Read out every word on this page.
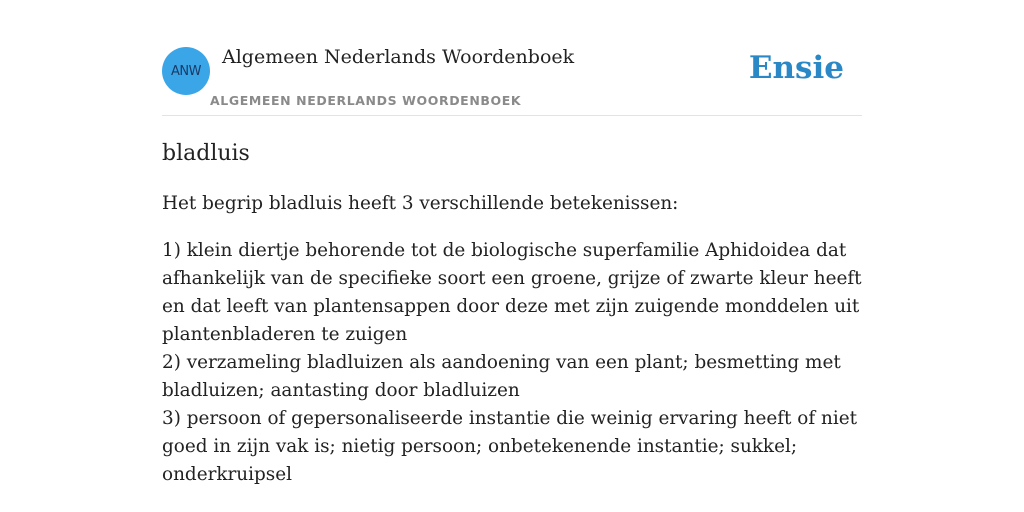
ANW
Algemeen Nederlands Woordenboek
ALGEMEEN NEDERLANDS WOORDENBOEK
Ensie
bladluis

Het begrip bladluis heeft 3 verschillende betekenissen:

1) klein diertje behorende tot de biologische superfamilie Aphidoidea dat afhankelijk van de specifieke soort een groene, grijze of zwarte kleur heeft en dat leeft van plantensappen door deze met zijn zuigende monddelen uit plantenbladeren te zuigen
2) verzameling bladluizen als aandoening van een plant; besmetting met bladluizen; aantasting door bladluizen
3) persoon of gepersonaliseerde instantie die weinig ervaring heeft of niet goed in zijn vak is; nietig persoon; onbetekenende instantie; sukkel; onderkruipsel
